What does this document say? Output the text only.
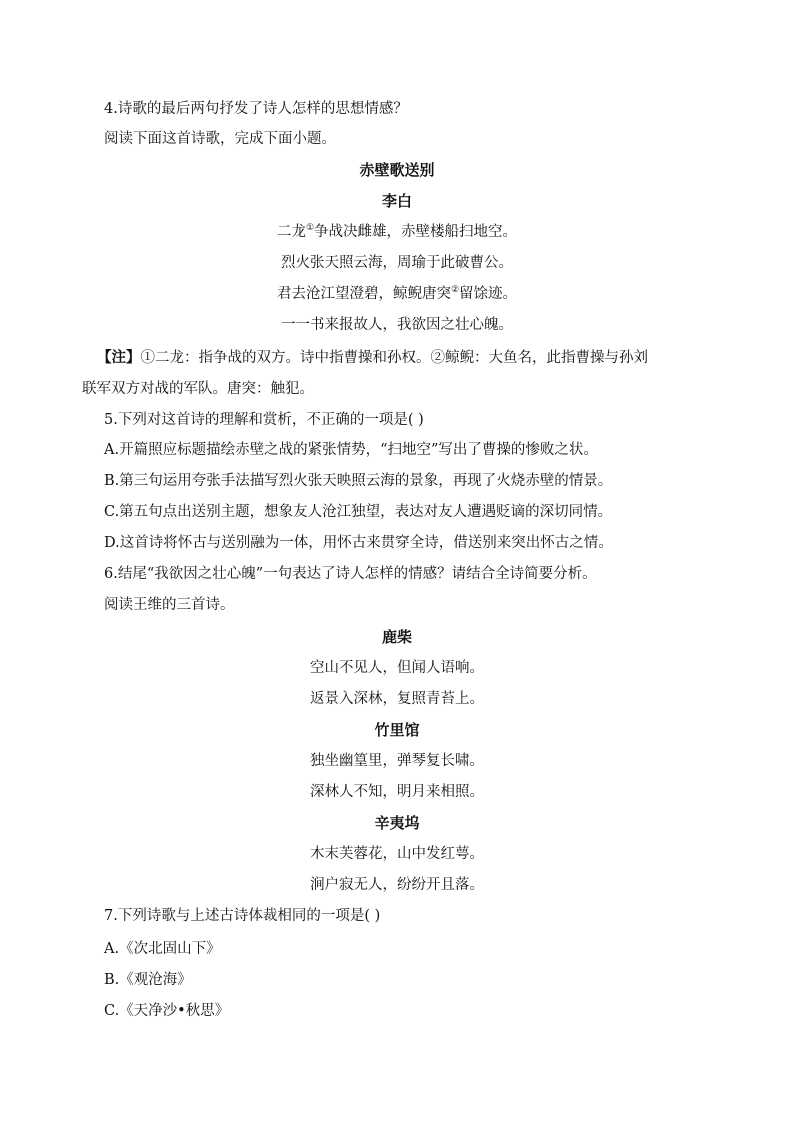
4.诗歌的最后两句抒发了诗人怎样的思想情感？
阅读下面这首诗歌，完成下面小题。
赤壁歌送别
李白
二龙①争战决雌雄，赤壁楼船扫地空。
烈火张天照云海，周瑜于此破曹公。
君去沧江望澄碧，鲸鲵唐突②留馀迹。
一一书来报故人，我欲因之壮心魄。
【注】①二龙：指争战的双方。诗中指曹操和孙权。②鲸鲵：大鱼名，此指曹操与孙刘
联军双方对战的军队。唐突：触犯。
5.下列对这首诗的理解和赏析，不正确的一项是( )
A.开篇照应标题描绘赤壁之战的紧张情势，“扫地空”写出了曹操的惨败之状。
B.第三句运用夸张手法描写烈火张天映照云海的景象，再现了火烧赤壁的情景。
C.第五句点出送别主题，想象友人沧江独望，表达对友人遭遇贬谪的深切同情。
D.这首诗将怀古与送别融为一体，用怀古来贯穿全诗，借送别来突出怀古之情。
6.结尾“我欲因之壮心魄”一句表达了诗人怎样的情感？请结合全诗简要分析。
阅读王维的三首诗。
鹿柴
空山不见人，但闻人语响。
返景入深林，复照青苔上。
竹里馆
独坐幽篁里，弹琴复长啸。
深林人不知，明月来相照。
辛夷坞
木末芙蓉花，山中发红萼。
涧户寂无人，纷纷开且落。
7.下列诗歌与上述古诗体裁相同的一项是( )
A.《次北固山下》
B.《观沧海》
C.《天净沙•秋思》
